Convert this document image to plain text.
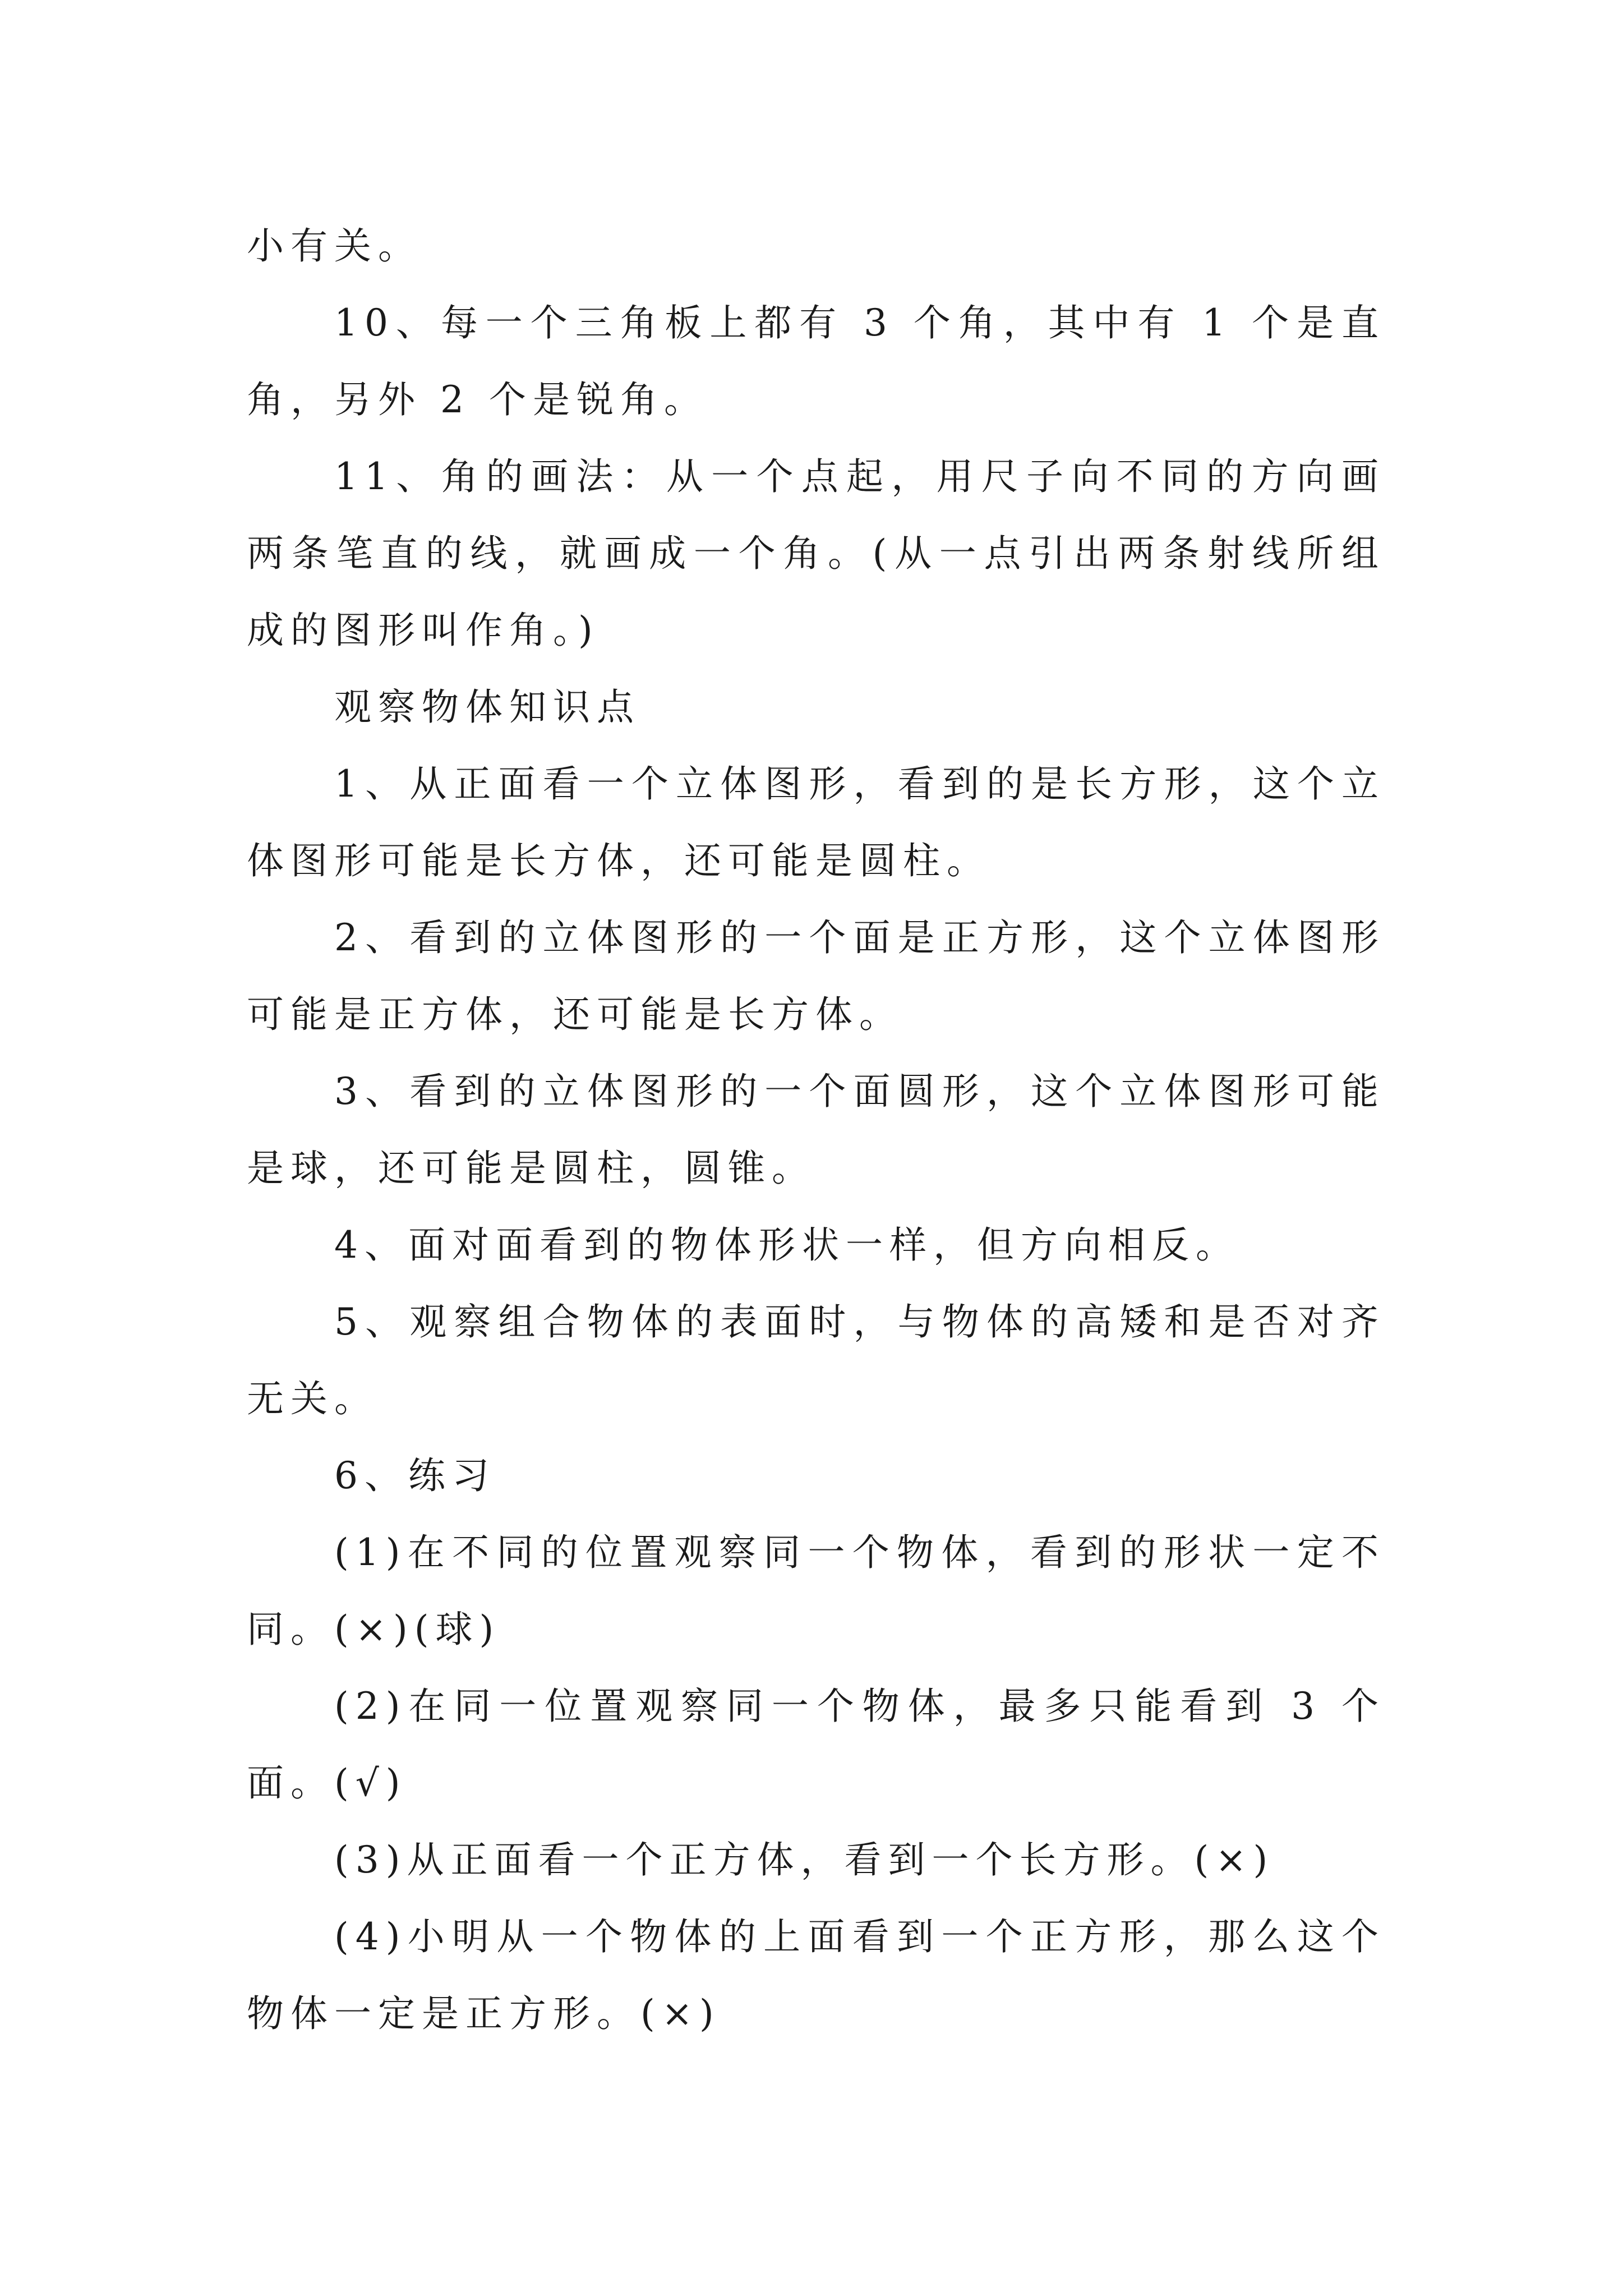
小有关。

10、每一个三角板上都有 3 个角，其中有 1 个是直角，另外 2 个是锐角。

11、角的画法：从一个点起，用尺子向不同的方向画两条笔直的线，就画成一个角。(从一点引出两条射线所组成的图形叫作角。)

观察物体知识点

1、从正面看一个立体图形，看到的是长方形，这个立体图形可能是长方体，还可能是圆柱。

2、看到的立体图形的一个面是正方形，这个立体图形可能是正方体，还可能是长方体。

3、看到的立体图形的一个面圆形，这个立体图形可能是球，还可能是圆柱，圆锥。

4、面对面看到的物体形状一样，但方向相反。

5、观察组合物体的表面时，与物体的高矮和是否对齐无关。

6、练习

(1)在不同的位置观察同一个物体，看到的形状一定不同。(×)(球)

(2)在同一位置观察同一个物体，最多只能看到 3 个面。(√)

(3)从正面看一个正方体，看到一个长方形。(×)

(4)小明从一个物体的上面看到一个正方形，那么这个物体一定是正方形。(×)
